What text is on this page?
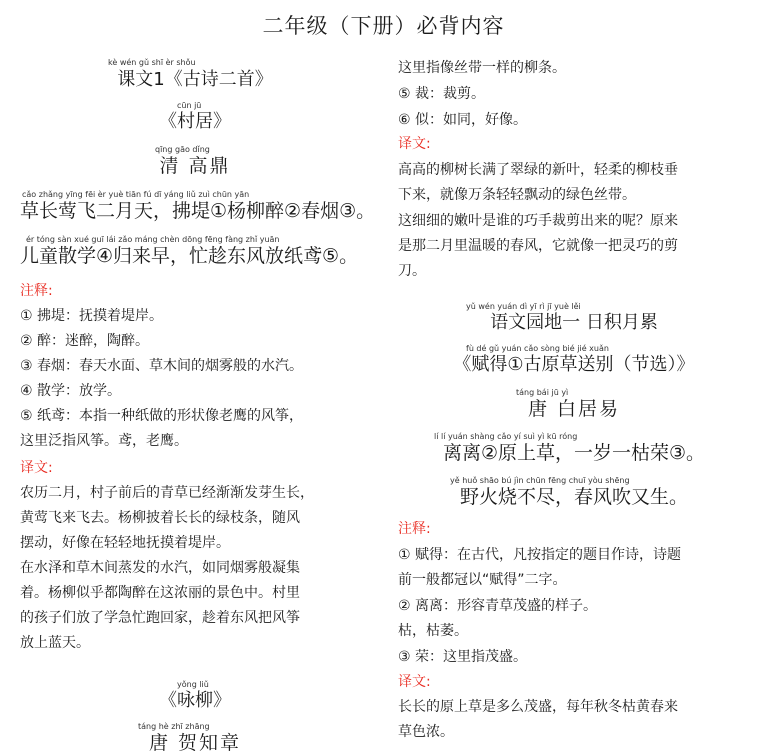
二年级（下册）必背内容
kè wén gǔ shī èr shǒu
课文1《古诗二首》
cūn jū
《村居》
qīng gāo dǐng
清 高鼎
cǎo zhǎng yīng fēi èr yuè tiān fú dī yáng liǔ zuì chūn yān
草长莺飞二月天，拂堤①杨柳醉②春烟③。
ér tóng sàn xué guī lái zǎo máng chèn dōng fēng fàng zhǐ yuān
儿童散学④归来早，忙趁东风放纸鸢⑤。
注释:
① 拂堤：抚摸着堤岸。
② 醉：迷醉，陶醉。
③ 春烟：春天水面、草木间的烟雾般的水汽。
④ 散学：放学。
⑤ 纸鸢：本指一种纸做的形状像老鹰的风筝，
这里泛指风筝。鸢，老鹰。
译文:
农历二月，村子前后的青草已经渐渐发芽生长，
黄莺飞来飞去。杨柳披着长长的绿枝条，随风
摆动，好像在轻轻地抚摸着堤岸。
在水泽和草木间蒸发的水汽，如同烟雾般凝集
着。杨柳似乎都陶醉在这浓丽的景色中。村里
的孩子们放了学急忙跑回家，趁着东风把风筝
放上蓝天。
yǒng liǔ
《咏柳》
táng hè zhī zhāng
唐 贺知章
这里指像丝带一样的柳条。
⑤ 裁：裁剪。
⑥ 似：如同，好像。
译文:
高高的柳树长满了翠绿的新叶，轻柔的柳枝垂
下来，就像万条轻轻飘动的绿色丝带。
这细细的嫩叶是谁的巧手裁剪出来的呢？原来
是那二月里温暖的春风，它就像一把灵巧的剪
刀。
yǔ wén yuán dì yī rì jī yuè lěi
语文园地一 日积月累
fù dé gǔ yuán cǎo sòng bié jié xuǎn
《赋得①古原草送别（节选）》
táng bái jū yì
唐 白居易
lí lí yuán shàng cǎo yí suì yì kū róng
离离②原上草，一岁一枯荣③。
yě huǒ shāo bú jìn chūn fēng chuī yòu shēng
野火烧不尽，春风吹又生。
注释:
① 赋得：在古代，凡按指定的题目作诗，诗题
前一般都冠以“赋得”二字。
② 离离：形容青草茂盛的样子。
枯，枯萎。
③ 荣：这里指茂盛。
译文:
长长的原上草是多么茂盛，每年秋冬枯黄春来
草色浓。
